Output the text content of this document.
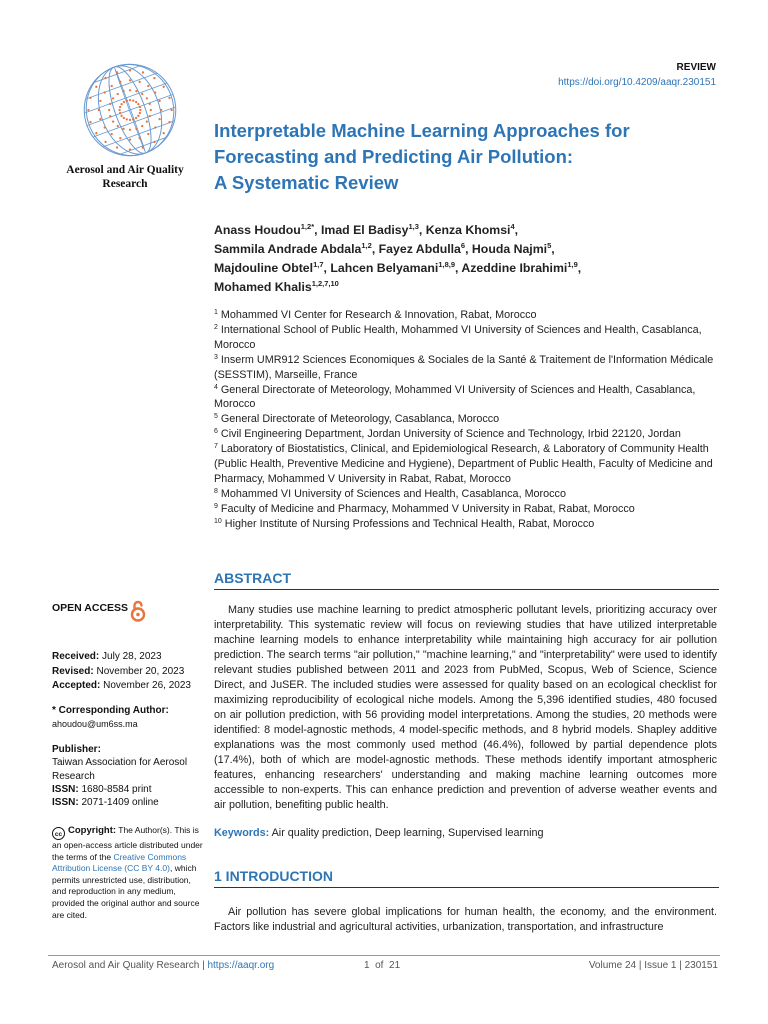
Aerosol and Air Quality Research
REVIEW
https://doi.org/10.4209/aaqr.230151
Interpretable Machine Learning Approaches for
Forecasting and Predicting Air Pollution:
A Systematic Review
Anass Houdou$^{1,2*}$, Imad El Badisy$^{1,3}$, Kenza Khomsi$^4$,
Sammila Andrade Abdala$^{1,2}$, Fayez Abdulla$^6$, Houda Najmi$^5$,
Majdouline Obtel$^{1,7}$, Lahcen Belyamani$^{1,8,9}$, Azeddine Ibrahimi$^{1,9}$,
Mohamed Khalis$^{1,2,7,10}$

$^1$ Mohammed VI Center for Research & Innovation, Rabat, Morocco

$^2$ International School of Public Health, Mohammed VI University of Sciences and Health, Casablanca, Morocco

$^3$ Inserm UMR912 Sciences Economiques & Sociales de la Santé & Traitement de l'Information Médicale (SESSTIM), Marseille, France

$^4$ General Directorate of Meteorology, Mohammed VI University of Sciences and Health, Casablanca, Morocco

$^5$ General Directorate of Meteorology, Casablanca, Morocco

$^6$ Civil Engineering Department, Jordan University of Science and Technology, Irbid 22120, Jordan

$^7$ Laboratory of Biostatistics, Clinical, and Epidemiological Research, & Laboratory of Community Health (Public Health, Preventive Medicine and Hygiene), Department of Public Health, Faculty of Medicine and Pharmacy, Mohammed V University in Rabat, Rabat, Morocco

$^8$ Mohammed VI University of Sciences and Health, Casablanca, Morocco

$^9$ Faculty of Medicine and Pharmacy, Mohammed V University in Rabat, Rabat, Morocco

$^{10}$ Higher Institute of Nursing Professions and Technical Health, Rabat, Morocco

ABSTRACT
Many studies use machine learning to predict atmospheric pollutant levels, prioritizing accuracy over interpretability. This systematic review will focus on reviewing studies that have utilized interpretable machine learning models to enhance interpretability while maintaining high accuracy for air pollution prediction. The search terms "air pollution," "machine learning," and "interpretability" were used to identify relevant studies published between 2011 and 2023 from PubMed, Scopus, Web of Science, Science Direct, and JuSER. The included studies were assessed for quality based on an ecological checklist for maximizing reproducibility of ecological niche models. Among the 5,396 identified studies, 480 focused on air pollution prediction, with 56 providing model interpretations. Among the studies, 20 methods were identified: 8 model-agnostic methods, 4 model-specific methods, and 8 hybrid models. Shapley additive explanations was the most commonly used method (46.4%), followed by partial dependence plots (17.4%), both of which are model-agnostic methods. These methods identify important atmospheric features, enhancing researchers' understanding and making machine learning outcomes more accessible to non-experts. This can enhance prediction and prevention of adverse weather events and air pollution, benefiting public health.
Keywords: Air quality prediction, Deep learning, Supervised learning
1 INTRODUCTION
Air pollution has severe global implications for human health, the economy, and the environment. Factors like industrial and agricultural activities, urbanization, transportation, and infrastructure
OPEN ACCESS
Received: July 28, 2023
Revised: November 20, 2023
Accepted: November 26, 2023
* Corresponding Author:
ahoudou@um6ss.ma
Publisher:
Taiwan Association for Aerosol Research
ISSN: 1680-8584 print
ISSN: 2071-1409 online
cc Copyright: The Author(s). This is an open-access article distributed under the terms of the Creative Commons Attribution License (CC BY 4.0), which permits unrestricted use, distribution, and reproduction in any medium, provided the original author and source are cited.
Aerosol and Air Quality Research | https://aaqr.org	1 of 21	Volume 24 | Issue 1 | 230151
